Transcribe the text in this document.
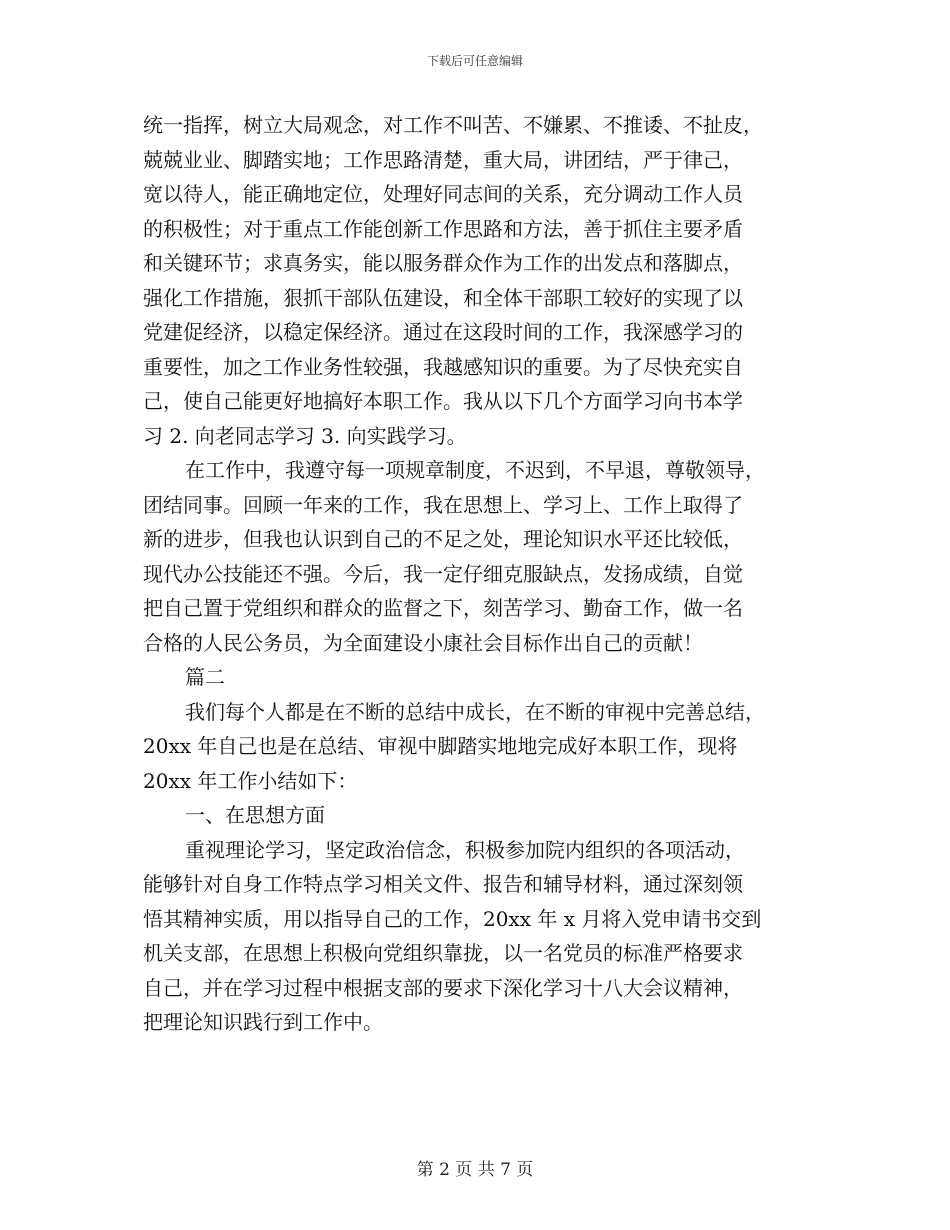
下载后可任意编辑
统一指挥，树立大局观念，对工作不叫苦、不嫌累、不推诿、不扯皮，
兢兢业业、脚踏实地；工作思路清楚，重大局，讲团结，严于律己，
宽以待人，能正确地定位，处理好同志间的关系，充分调动工作人员
的积极性；对于重点工作能创新工作思路和方法，善于抓住主要矛盾
和关键环节；求真务实，能以服务群众作为工作的出发点和落脚点，
强化工作措施，狠抓干部队伍建设，和全体干部职工较好的实现了以
党建促经济，以稳定保经济。通过在这段时间的工作，我深感学习的
重要性，加之工作业务性较强，我越感知识的重要。为了尽快充实自
己，使自己能更好地搞好本职工作。我从以下几个方面学习向书本学
习 2. 向老同志学习 3. 向实践学习。
在工作中，我遵守每一项规章制度，不迟到，不早退，尊敬领导，
团结同事。回顾一年来的工作，我在思想上、学习上、工作上取得了
新的进步，但我也认识到自己的不足之处，理论知识水平还比较低，
现代办公技能还不强。今后，我一定仔细克服缺点，发扬成绩，自觉
把自己置于党组织和群众的监督之下，刻苦学习、勤奋工作，做一名
合格的人民公务员，为全面建设小康社会目标作出自己的贡献！
篇二
我们每个人都是在不断的总结中成长，在不断的审视中完善总结，
20xx 年自己也是在总结、审视中脚踏实地地完成好本职工作，现将
20xx 年工作小结如下：
一、在思想方面
重视理论学习，坚定政治信念，积极参加院内组织的各项活动，
能够针对自身工作特点学习相关文件、报告和辅导材料，通过深刻领
悟其精神实质，用以指导自己的工作，20xx 年 x 月将入党申请书交到
机关支部，在思想上积极向党组织靠拢，以一名党员的标准严格要求
自己，并在学习过程中根据支部的要求下深化学习十八大会议精神，
把理论知识践行到工作中。
第 2 页 共 7 页
